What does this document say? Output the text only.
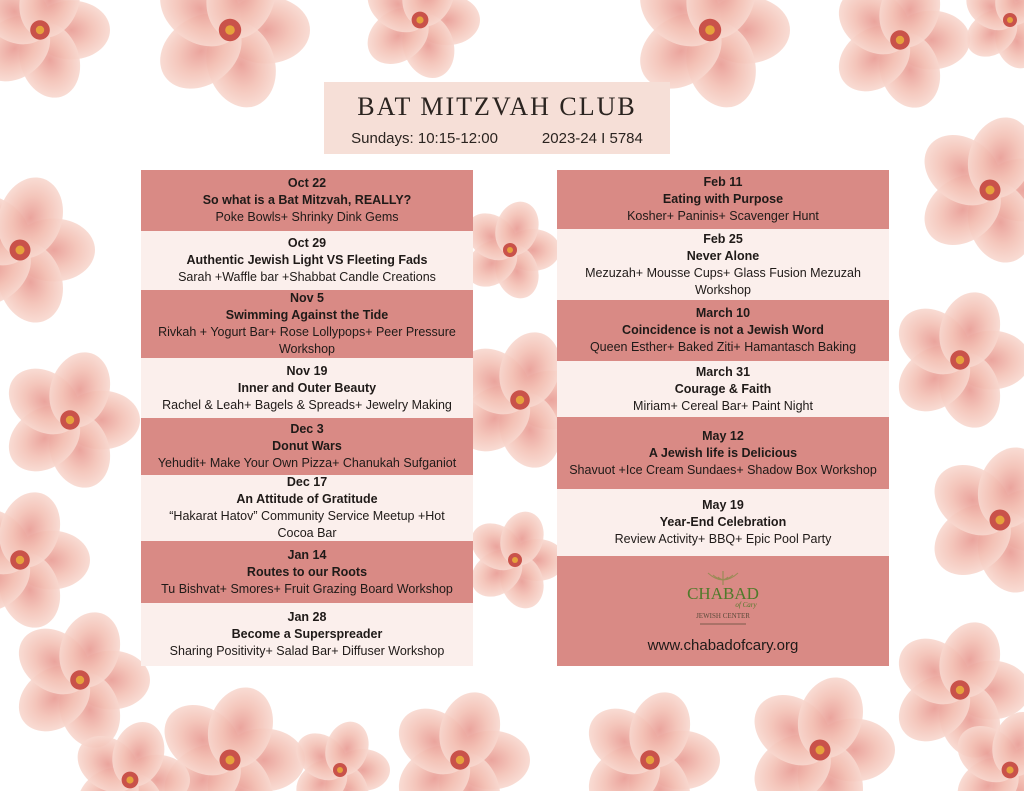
BAT MITZVAH CLUB
Sundays: 10:15-12:00	2023-24 I 5784
Oct 22
So what is a Bat Mitzvah, REALLY?
Poke Bowls+ Shrinky Dink Gems
Oct 29
Authentic Jewish Light VS Fleeting Fads
Sarah +Waffle bar +Shabbat Candle Creations
Nov 5
Swimming Against the Tide
Rivkah + Yogurt Bar+ Rose Lollypops+ Peer Pressure Workshop
Nov 19
Inner and Outer Beauty
Rachel & Leah+ Bagels & Spreads+ Jewelry Making
Dec 3
Donut Wars
Yehudit+ Make Your Own Pizza+ Chanukah Sufganiot
Dec 17
An Attitude of Gratitude
“Hakarat Hatov” Community Service Meetup +Hot Cocoa Bar
Jan 14
Routes to our Roots
Tu Bishvat+ Smores+ Fruit Grazing Board Workshop
Jan 28
Become a Superspreader
Sharing Positivity+ Salad Bar+ Diffuser Workshop
Feb 11
Eating with Purpose
Kosher+ Paninis+ Scavenger Hunt
Feb 25
Never Alone
Mezuzah+ Mousse Cups+ Glass Fusion Mezuzah Workshop
March 10
Coincidence is not a Jewish Word
Queen Esther+ Baked Ziti+ Hamantasch Baking
March 31
Courage & Faith
Miriam+ Cereal Bar+ Paint Night
May 12
A Jewish life is Delicious
Shavuot +Ice Cream Sundaes+ Shadow Box Workshop
May 19
Year-End Celebration
Review Activity+ BBQ+ Epic Pool Party
CHABAD
of Cary
JEWISH CENTER
www.chabadofcary.org
